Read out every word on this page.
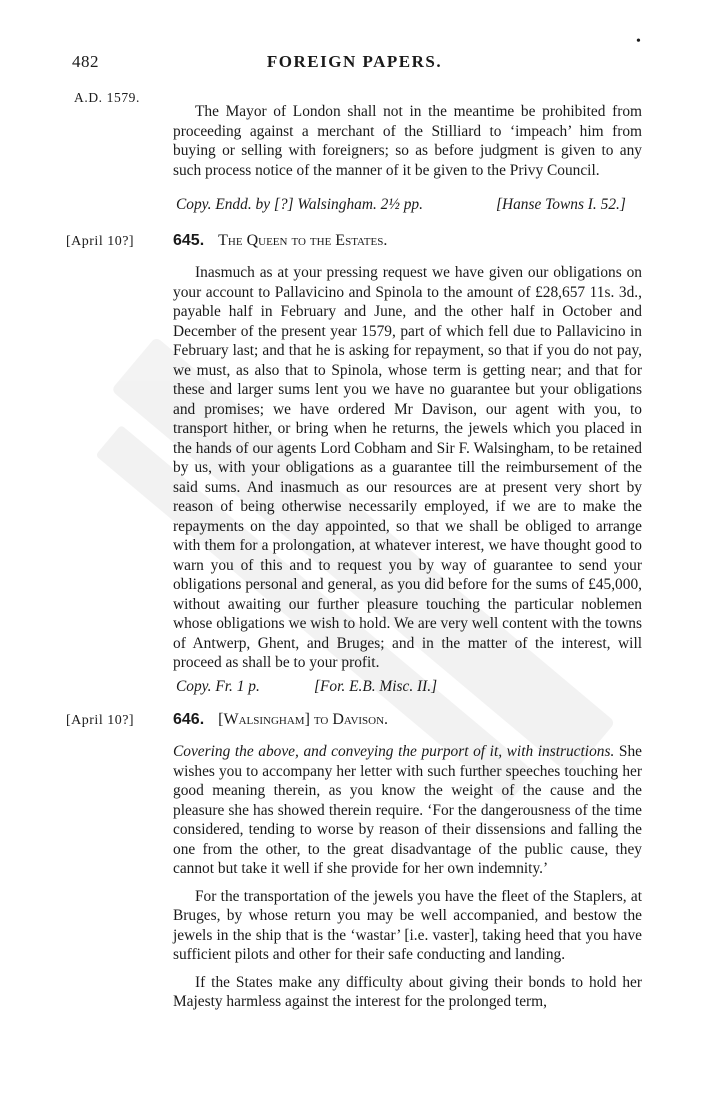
482	FOREIGN PAPERS.
•
A.D. 1579.

The Mayor of London shall not in the meantime be prohibited from proceeding against a merchant of the Stilliard to ‘impeach’ him from buying or selling with foreigners; so as before judgment is given to any such process notice of the manner of it be given to the Privy Council.

Copy. Endd. by [?] Walsingham. 2½ pp.	[Hanse Towns I. 52.]
[April 10?] 645. The Queen to the Estates.

Inasmuch as at your pressing request we have given our obligations on your account to Pallavicino and Spinola to the amount of £28,657 11s. 3d., payable half in February and June, and the other half in October and December of the present year 1579, part of which fell due to Pallavicino in February last; and that he is asking for repayment, so that if you do not pay, we must, as also that to Spinola, whose term is getting near; and that for these and larger sums lent you we have no guarantee but your obligations and promises; we have ordered Mr Davison, our agent with you, to transport hither, or bring when he returns, the jewels which you placed in the hands of our agents Lord Cobham and Sir F. Walsingham, to be retained by us, with your obligations as a guarantee till the reimbursement of the said sums. And inasmuch as our resources are at present very short by reason of being otherwise necessarily employed, if we are to make the repayments on the day appointed, so that we shall be obliged to arrange with them for a prolongation, at whatever interest, we have thought good to warn you of this and to request you by way of guarantee to send your obligations personal and general, as you did before for the sums of £45,000, without awaiting our further pleasure touching the particular noblemen whose obligations we wish to hold. We are very well content with the towns of Antwerp, Ghent, and Bruges; and in the matter of the interest, will proceed as shall be to your profit.

Copy. Fr. 1 p.	[For. E.B. Misc. II.]
[April 10?] 646. [Walsingham] to Davison.

Covering the above, and conveying the purport of it, with instructions. She wishes you to accompany her letter with such further speeches touching her good meaning therein, as you know the weight of the cause and the pleasure she has showed therein require. ‘For the dangerousness of the time considered, tending to worse by reason of their dissensions and falling the one from the other, to the great disadvantage of the public cause, they cannot but take it well if she provide for her own indemnity.’

For the transportation of the jewels you have the fleet of the Staplers, at Bruges, by whose return you may be well accompanied, and bestow the jewels in the ship that is the ‘wastar’ [i.e. vaster], taking heed that you have sufficient pilots and other for their safe conducting and landing.

If the States make any difficulty about giving their bonds to hold her Majesty harmless against the interest for the prolonged term,
